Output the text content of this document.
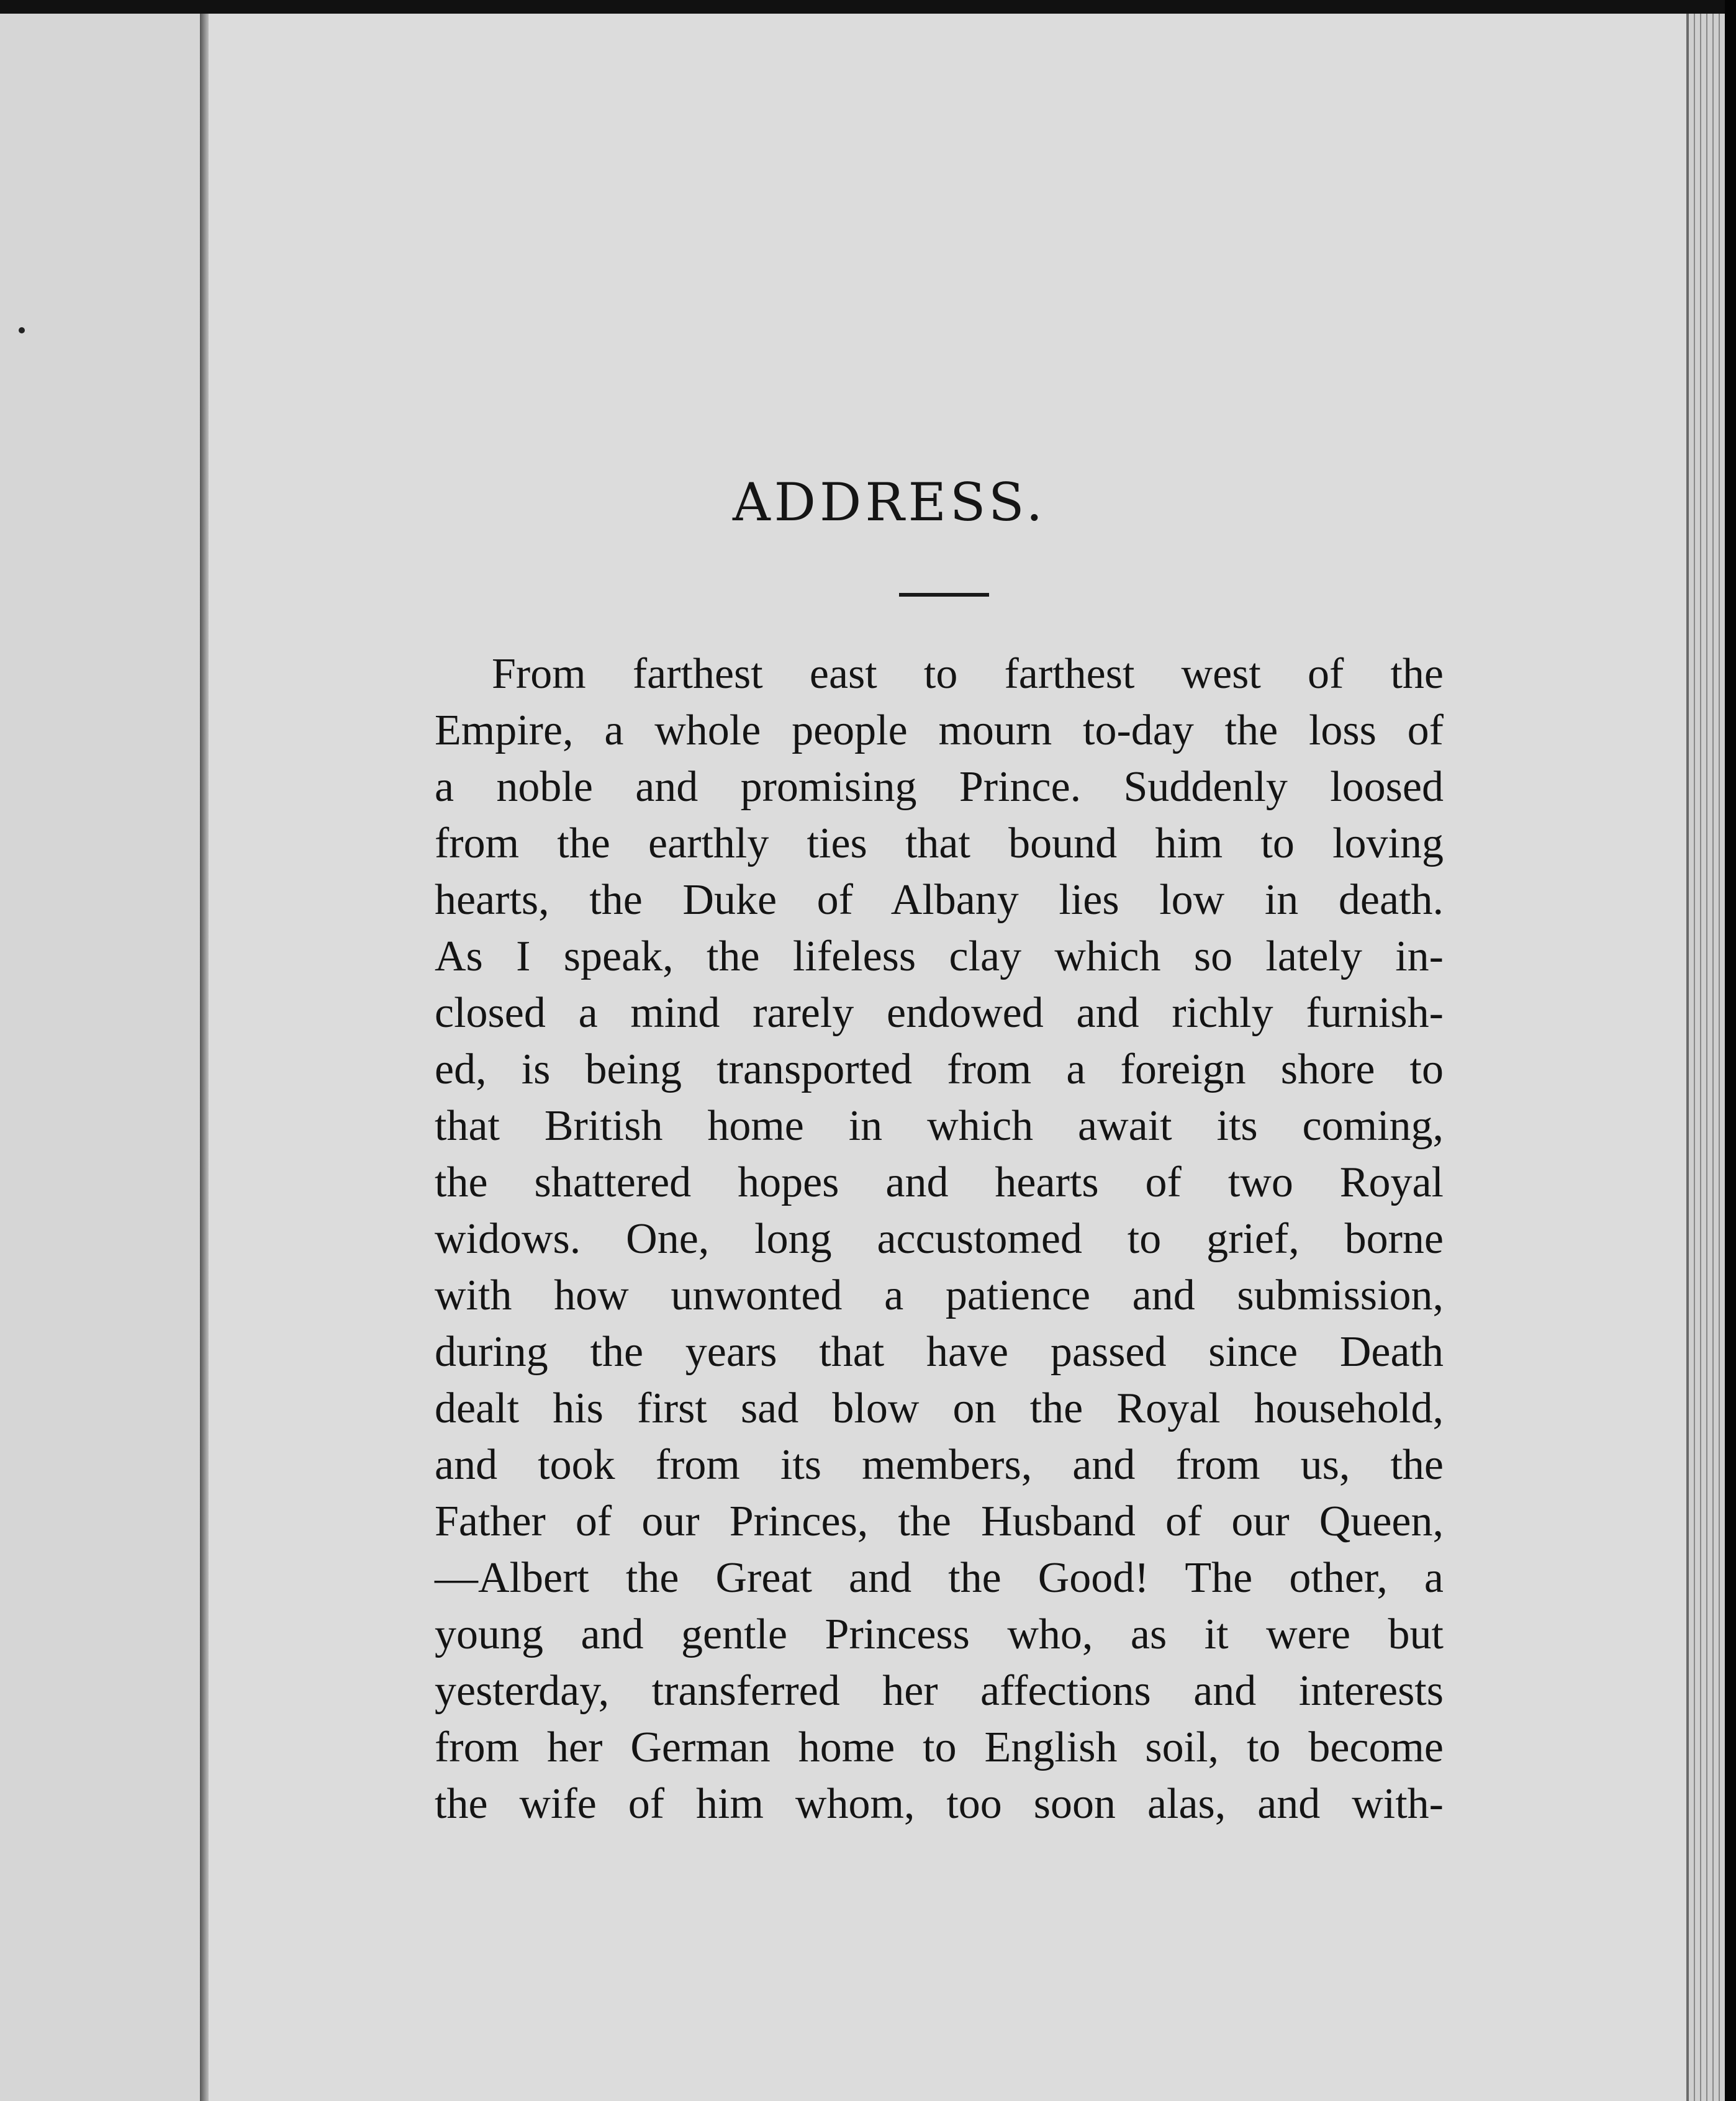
ADDRESS.
From farthest east to farthest west of the
Empire, a whole people mourn to-day the loss of
a noble and promising Prince. Suddenly loosed
from the earthly ties that bound him to loving
hearts, the Duke of Albany lies low in death.
As I speak, the lifeless clay which so lately in-
closed a mind rarely endowed and richly furnish-
ed, is being transported from a foreign shore to
that British home in which await its coming,
the shattered hopes and hearts of two Royal
widows. One, long accustomed to grief, borne
with how unwonted a patience and submission,
during the years that have passed since Death
dealt his first sad blow on the Royal household,
and took from its members, and from us, the
Father of our Princes, the Husband of our Queen,
—Albert the Great and the Good! The other, a
young and gentle Princess who, as it were but
yesterday, transferred her affections and interests
from her German home to English soil, to become
the wife of him whom, too soon alas, and with-
